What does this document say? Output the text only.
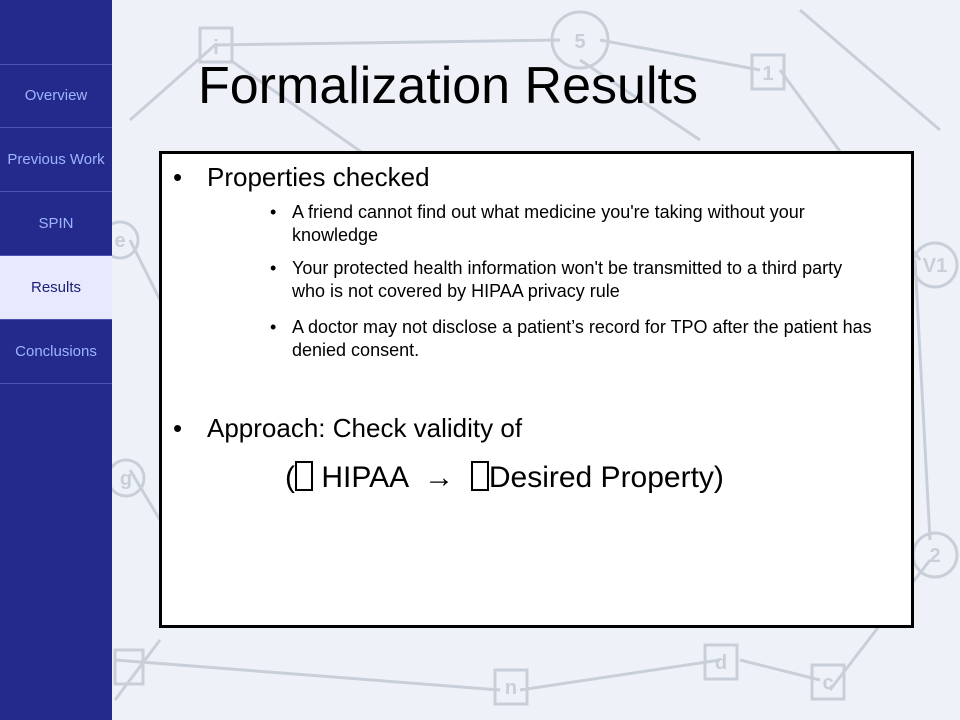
i	5
1
e
V1
g
2
n
d
c
Overview
Previous Work
SPIN
Results
Conclusions
Formalization Results
• Properties checked
• A friend cannot find out what medicine you're taking without your knowledge
• Your protected health information won't be transmitted to a third party who is not covered by HIPAA privacy rule
• A doctor may not disclose a patient’s record for TPO after the patient has denied consent.
• Approach: Check validity of
( HIPAA → Desired Property)
